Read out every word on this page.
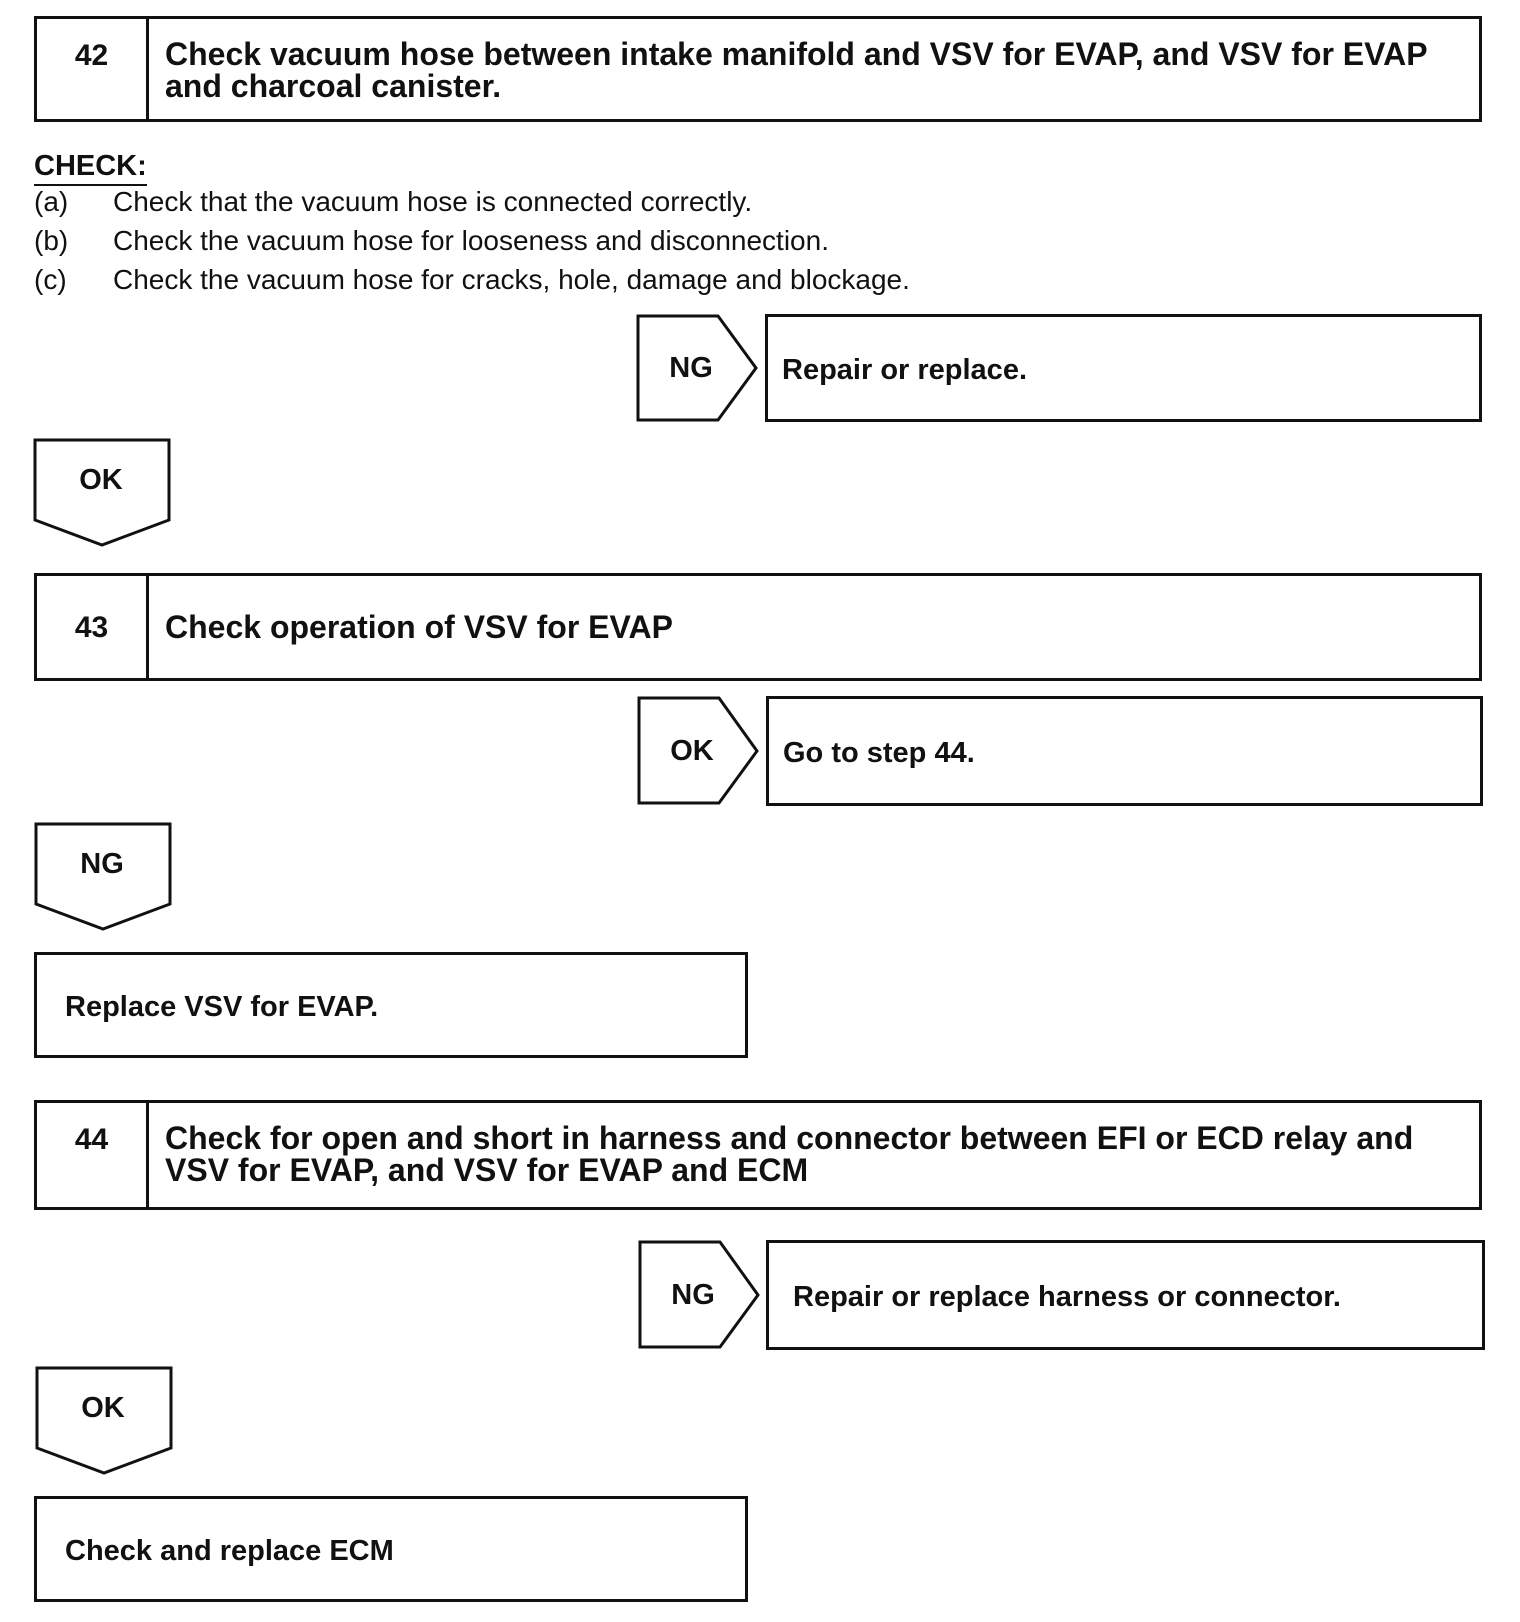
42	Check vacuum hose between intake manifold and VSV for EVAP, and VSV for EVAP and charcoal canister.
CHECK:
(a) Check that the vacuum hose is connected correctly.
(b) Check the vacuum hose for looseness and disconnection.
(c) Check the vacuum hose for cracks, hole, damage and blockage.
NG	Repair or replace.
OK
43	Check operation of VSV for EVAP
OK	Go to step 44.
NG
Replace VSV for EVAP.
44	Check for open and short in harness and connector between EFI or ECD relay and VSV for EVAP, and VSV for EVAP and ECM
NG	Repair or replace harness or connector.
OK
Check and replace ECM
